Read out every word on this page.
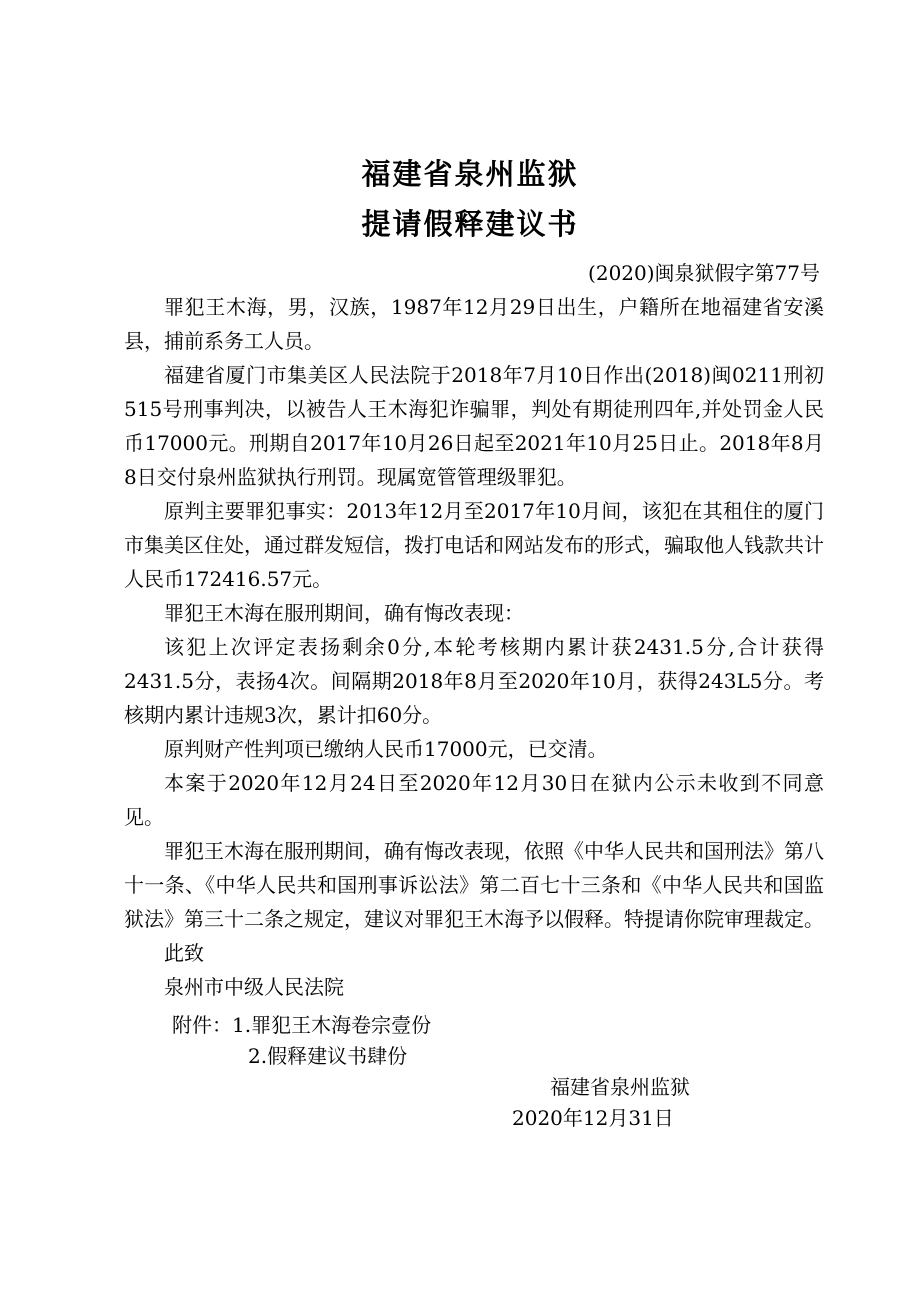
福建省泉州监狱
提请假释建议书
(2020)闽泉狱假字第77号

罪犯王木海，男，汉族，1987年12月29日出生，户籍所在地福建省安溪县，捕前系务工人员。

福建省厦门市集美区人民法院于2018年7月10日作出(2018)闽0211刑初515号刑事判决，以被告人王木海犯诈骗罪，判处有期徒刑四年,并处罚金人民币17000元。刑期自2017年10月26日起至2021年10月25日止。2018年8月8日交付泉州监狱执行刑罚。现属宽管管理级罪犯。

原判主要罪犯事实：2013年12月至2017年10月间，该犯在其租住的厦门市集美区住处，通过群发短信，拨打电话和网站发布的形式，骗取他人钱款共计人民币172416.57元。

罪犯王木海在服刑期间，确有悔改表现：

该犯上次评定表扬剩余0分,本轮考核期内累计获2431.5分,合计获得2431.5分，表扬4次。间隔期2018年8月至2020年10月，获得243L5分。考核期内累计违规3次，累计扣60分。

原判财产性判项已缴纳人民币17000元，已交清。

本案于2020年12月24日至2020年12月30日在狱内公示未收到不同意见。

罪犯王木海在服刑期间，确有悔改表现，依照《中华人民共和国刑法》第八十一条、《中华人民共和国刑事诉讼法》第二百七十三条和《中华人民共和国监狱法》第三十二条之规定，建议对罪犯王木海予以假释。特提请你院审理裁定。

此致

泉州市中级人民法院

附件：1.罪犯王木海卷宗壹份
2.假释建议书肆份
福建省泉州监狱
2020年12月31日
